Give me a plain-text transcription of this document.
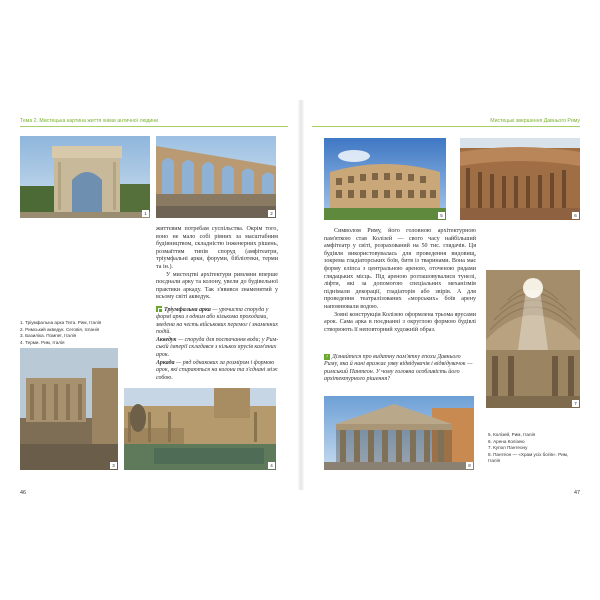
Тема 2. Мистецька картина життя хнiми античної людини
1	2

життєвим потребам суспільства. Окрім того, воно не мало собі рівних за масштабним будівництвом, складністю інженерних рішень, розмаїттям типів споруд (амфітеатри, тріумфальні арки, форуми, бібліотеки, терми та ін.).

У мистецтві архітектури римляни вперше поєднали арку та колону, увели до будівельної практики аркаду. Так з'явився знаменитий у всьому світі акведук.

1. Тріумфальна арка Тита. Рим, Італія
2. Римський акведук. Сеговія, Іспанія
3. Базиліка. Помпеї, Італія
4. Терми. Рим, Італія

Тріумфальна арка — урочиста споруда у формі арки з одним або кількома проходами, зведена на честь військових перемог і знаменних подій.

Акведук — споруда для постачання води; у Римській імперії складався з кількох ярусів кам'яних арок.

Аркада — ряд однакових за розміром і формою арок, які спираються на колони та з'єднані між собою.

3	4
46
Мистецькі звершення Давнього Риму
5	6

Символом Риму, його головною архітектурною пам'яткою став Колізей — свого часу найбільший амфітеатр у світі, розрахований на 50 тис. глядачів. Ця будівля використовувалась для проведення видовищ, зокрема гладіаторських боїв, битв із тваринами. Вона має форму еліпса з центральною ареною, оточеною рядами глядацьких місць. Під ареною розташовувалися тунелі, ліфти, які за допомогою спеціальних механізмів піднімали декорації, гладіаторів або звірів. А для проведення театралізованих «морських» боїв арену наповнювали водою.

Зовні конструкція Колізею оформлена трьома ярусами арок. Сама арка в поєднанні з округлою формою будівлі створюють її неповторний художній образ.

? Дізнайтеся про видатну пам'ятку епохи Давнього Риму, яка й нині вражає уяву відвідувачів і відвідувачок — римський Пантеон. У чому головна особливість його архітектурного рішення?
7
8
5. Колізей, Рим, Італія
6. Арена Колізею
7. Купол Пантеону
8. Пантеон — «Храм усіх богів». Рим, Італія
47
